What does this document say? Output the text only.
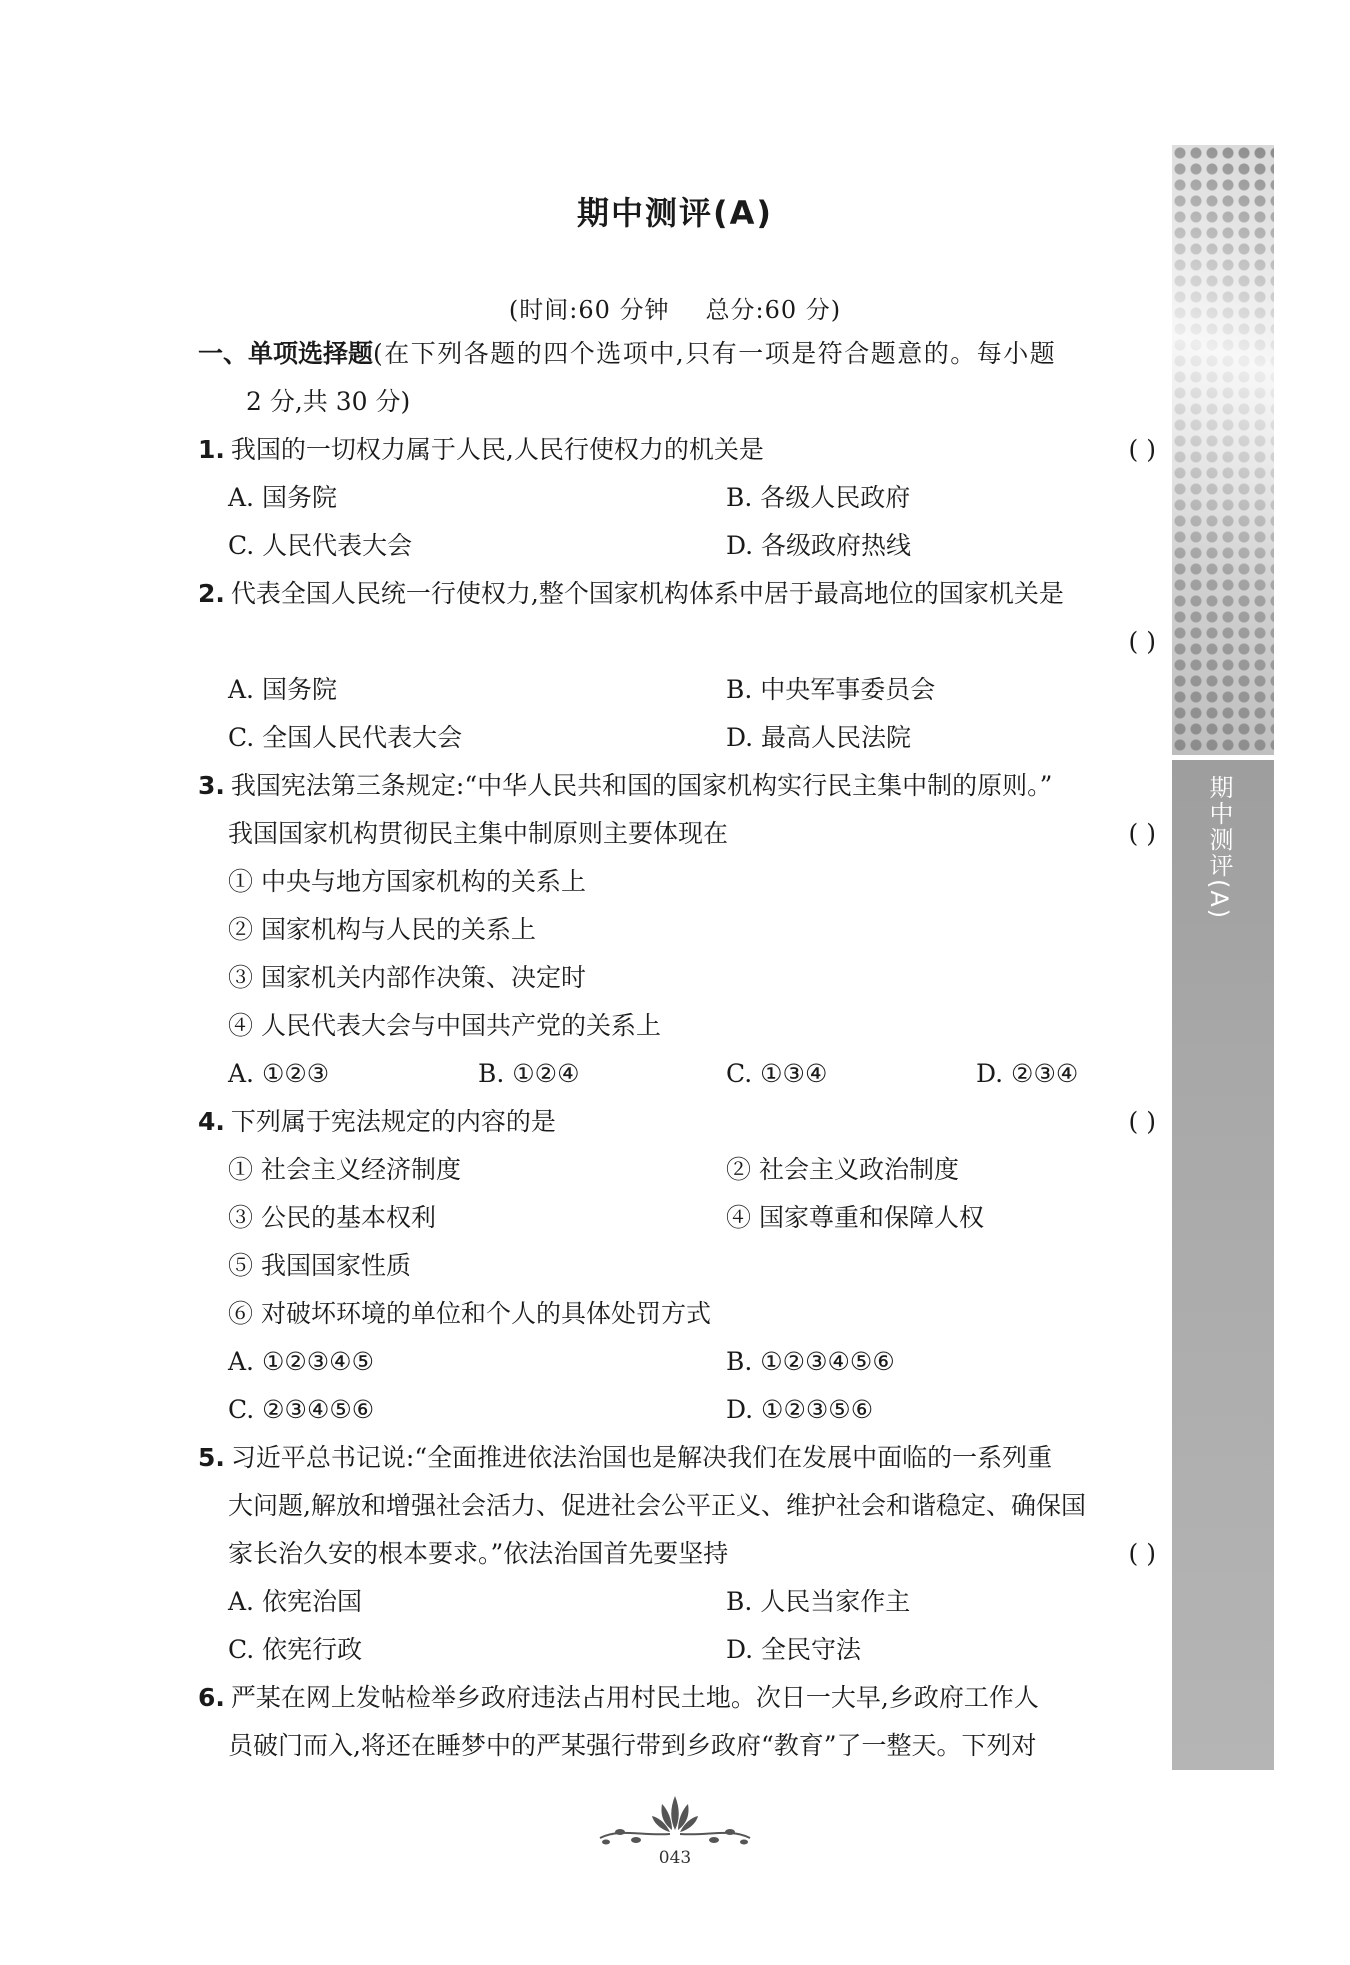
期中测评(A)
期中测评(A)
(时间:60 分钟 总分:60 分)
一、单项选择题(在下列各题的四个选项中,只有一项是符合题意的。每小题
2 分,共 30 分)
1. 我国的一切权力属于人民,人民行使权力的机关是	( )
A. 国务院	B. 各级人民政府
C. 人民代表大会	D. 各级政府热线
2. 代表全国人民统一行使权力,整个国家机构体系中居于最高地位的国家机关是
( )
A. 国务院	B. 中央军事委员会
C. 全国人民代表大会	D. 最高人民法院
3. 我国宪法第三条规定:“中华人民共和国的国家机构实行民主集中制的原则。”
我国国家机构贯彻民主集中制原则主要体现在	( )
① 中央与地方国家机构的关系上
② 国家机构与人民的关系上
③ 国家机关内部作决策、决定时
④ 人民代表大会与中国共产党的关系上
A. ①②③	B. ①②④	C. ①③④	D. ②③④
4. 下列属于宪法规定的内容的是	( )
① 社会主义经济制度	② 社会主义政治制度
③ 公民的基本权利	④ 国家尊重和保障人权
⑤ 我国国家性质
⑥ 对破坏环境的单位和个人的具体处罚方式
A. ①②③④⑤	B. ①②③④⑤⑥
C. ②③④⑤⑥	D. ①②③⑤⑥
5. 习近平总书记说:“全面推进依法治国也是解决我们在发展中面临的一系列重
大问题,解放和增强社会活力、促进社会公平正义、维护社会和谐稳定、确保国
家长治久安的根本要求。”依法治国首先要坚持	( )
A. 依宪治国	B. 人民当家作主
C. 依宪行政	D. 全民守法
6. 严某在网上发帖检举乡政府违法占用村民土地。次日一大早,乡政府工作人
员破门而入,将还在睡梦中的严某强行带到乡政府“教育”了一整天。下列对
043
